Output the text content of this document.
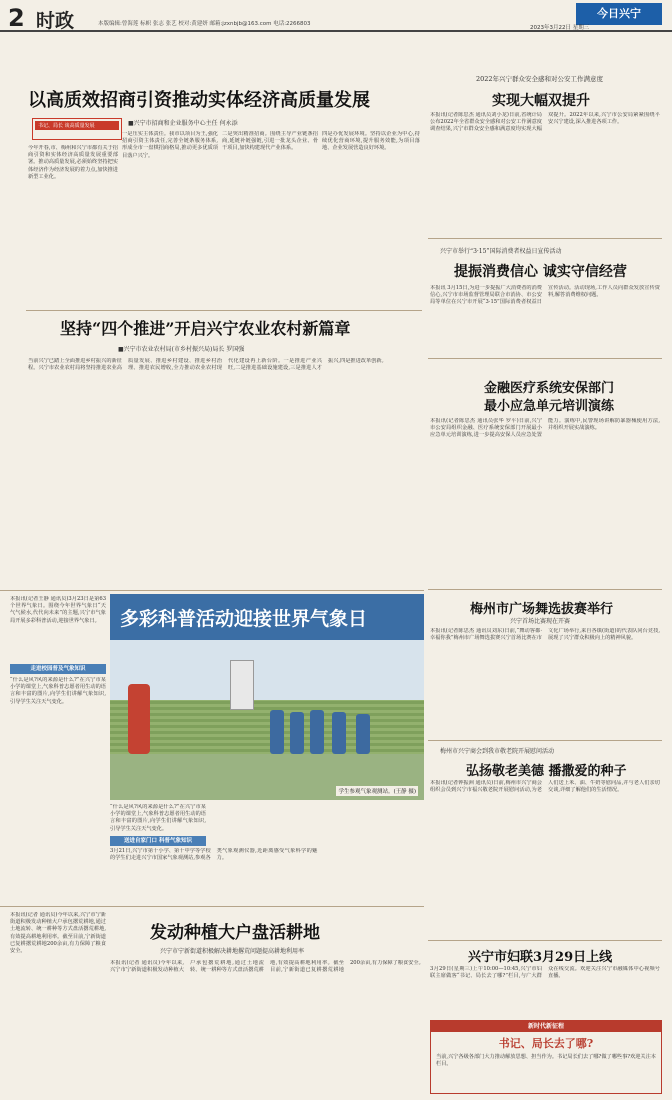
2 时政	本版编辑:曾海莲 标帜 张志 张艺 校对:黄建妍 邮箱:jzxnbjb@163.com 电话:2266803
今日兴宁
2023年3月22日 星期三
以高质效招商引资推动实体经济高质量发展
书记、局长 谈高质量发展	■兴宁市招商和企业服务中心主任 何永添
今年开春,市、梅州和兴宁市都有关于招商引资和实体经济高质量发展重要部署。推动高质量发展,必须始终坚持把实体经济作为经济发展的着力点,加快推进新型工业化。
一是压实主体责任。我市以项目为王,强化招商引资主体责任,完善全链条服务体系,形成全市一盘棋招商格局,推动更多优质项目落户兴宁。
二是突出精准招商。围绕主导产业链条招商,延链补链强链,引进一批龙头企业、骨干项目,加快构建现代产业体系。
四是办优发展环境。坚持以企业为中心,持续优化营商环境,提升服务效能,为项目落地、企业发展营造良好环境。
2022年兴宁群众安全感和对公安工作满意度
实现大幅双提升
本报讯(记者陈思杰 通讯员刘小龙)日前,省统计局公布2022年全省群众安全感和对公安工作满意度调查结果,兴宁市群众安全感和满意度均实现大幅双提升。2022年以来,兴宁市公安局紧紧围绕平安兴宁建设,深入推进各项工作。
兴宁市举行“3·15”国际消费者权益日宣传活动
提振消费信心 诚实守信经营
本报讯 3月15日,为进一步提振广大消费者的消费信心,兴宁市市场监督管理局联合市消协、市公安局等单位在兴宁市开展“3·15”国际消费者权益日宣传活动。活动现场,工作人员向群众发放宣传资料,解答消费维权问题。
坚持“四个推进”开启兴宁农业农村新篇章
■兴宁市农业农村局(市乡村振兴局)局长 罗国强
当前兴宁已踏上全面推进乡村振兴的新征程。兴宁市农业农村局将坚持推进农业高质量发展、推进乡村建设、推进乡村治理、推进农民增收,全力推动农业农村现代化建设再上新台阶。一是推进产业兴旺,二是推进基础设施建设,三是推进人才振兴,四是推进改革创新。
金融医疗系统安保部门
最小应急单元培训演练
本报讯(记者陈思杰 通讯员张华 罗平)日前,兴宁市公安局组织金融、医疗系统安保部门开展最小应急单元培训演练,进一步提高安保人员应急处置能力。演练中,民警现场讲解防暴器械使用方法,并组织开展实战演练。
梅州市广场舞选拔赛举行
兴宁首场比赛现在开赛
本报讯(记者陈思杰 通讯员刘东)日前,“舞动客都·幸福你我”梅州市广场舞选拔赛兴宁首场比赛在市文化广场举行,来自各镇(街道)的代表队同台竞技,展现了兴宁群众积极向上的精神风貌。
本报讯(记者王静 通讯员)3月23日是第63个世界气象日。围绕今年世界气象日“天气气候水,代代向未来”的主题,兴宁市气象局开展多彩科普活动,迎接世界气象日。
走进校园普及气象知识
“什么是风?风的来源是什么?”在兴宁市某小学的课堂上,气象科普志愿者用生动的语言和丰富的图片,向学生们讲解气象知识,引导学生关注天气变化。
多彩科普活动迎接世界气象日
学生参观气象观测站。(王静 摄)
“什么是风?风的来源是什么?”在兴宁市某小学的课堂上,气象科普志愿者用生动的语言和丰富的图片,向学生们讲解气象知识,引导学生关注天气变化。
送进自家门口 科普气象知识
3月21日,兴宁市第十小学、第十中学等学校的学生们走进兴宁市国家气象观测站,参观各类气象观测仪器,近距离感受气象科学的魅力。
梅州市兴宁商会到我市敬老院开展慰问活动
弘扬敬老美德 播撒爱的种子
本报讯(记者钟振洲 通讯员)日前,梅州市兴宁商会组织会员到兴宁市福兴敬老院开展慰问活动,为老人们送上米、油、牛奶等慰问品,并与老人们亲切交谈,详细了解他们的生活情况。
兴宁市妇联3月29日上线
3月29日(星期三)上午10:00—10:45,兴宁市妇联主席做客“书记、局长去了哪?”栏目,与广大群众在线交流。欢迎关注兴宁市融媒体中心视频号直播。
新时代新征程
书记、局长去了哪?
当前,兴宁各级各部门大力推动解放思想、担当作为。书记局长们去了哪?做了哪些事?欢迎关注本栏目。
本报讯(记者 通讯员)今年以来,兴宁市宁新街道积极发动种植大户承包撂荒耕地,通过土地流转、统一耕种等方式盘活撂荒耕地,有效提高耕地利用率。截至目前,宁新街道已复耕撂荒耕地200余亩,有力保障了粮食安全。
发动种植大户盘活耕地
兴宁市宁新街道积极解决耕地撂荒问题提高耕地利用率
本报讯(记者 通讯员)今年以来,兴宁市宁新街道积极发动种植大户承包撂荒耕地,通过土地流转、统一耕种等方式盘活撂荒耕地,有效提高耕地利用率。截至目前,宁新街道已复耕撂荒耕地200余亩,有力保障了粮食安全。
